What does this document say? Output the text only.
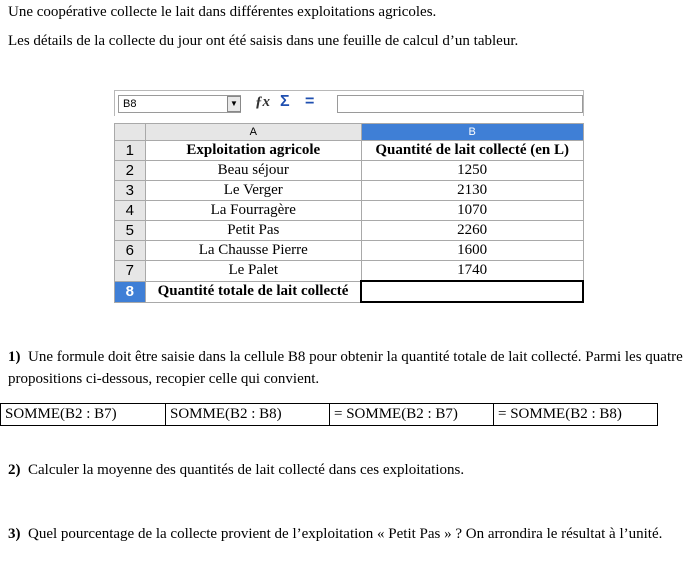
Une coopérative collecte le lait dans différentes exploitations agricoles.
Les détails de la collecte du jour ont été saisis dans une feuille de calcul d’un tableur.
B8	▼ ƒx Σ =
	A	B
1	Exploitation agricole	Quantité de lait collecté (en L)
2	Beau séjour	1250
3	Le Verger	2130
4	La Fourragère	1070
5	Petit Pas	2260
6	La Chausse Pierre	1600
7	Le Palet	1740
8	Quantité totale de lait collecté	
1) Une formule doit être saisie dans la cellule B8 pour obtenir la quantité totale de lait collecté. Parmi les quatre propositions ci-dessous, recopier celle qui convient.
SOMME(B2 : B7)	SOMME(B2 : B8)	= SOMME(B2 : B7)	= SOMME(B2 : B8)
2) Calculer la moyenne des quantités de lait collecté dans ces exploitations.
3) Quel pourcentage de la collecte provient de l’exploitation « Petit Pas » ? On arrondira le résultat à l’unité.
